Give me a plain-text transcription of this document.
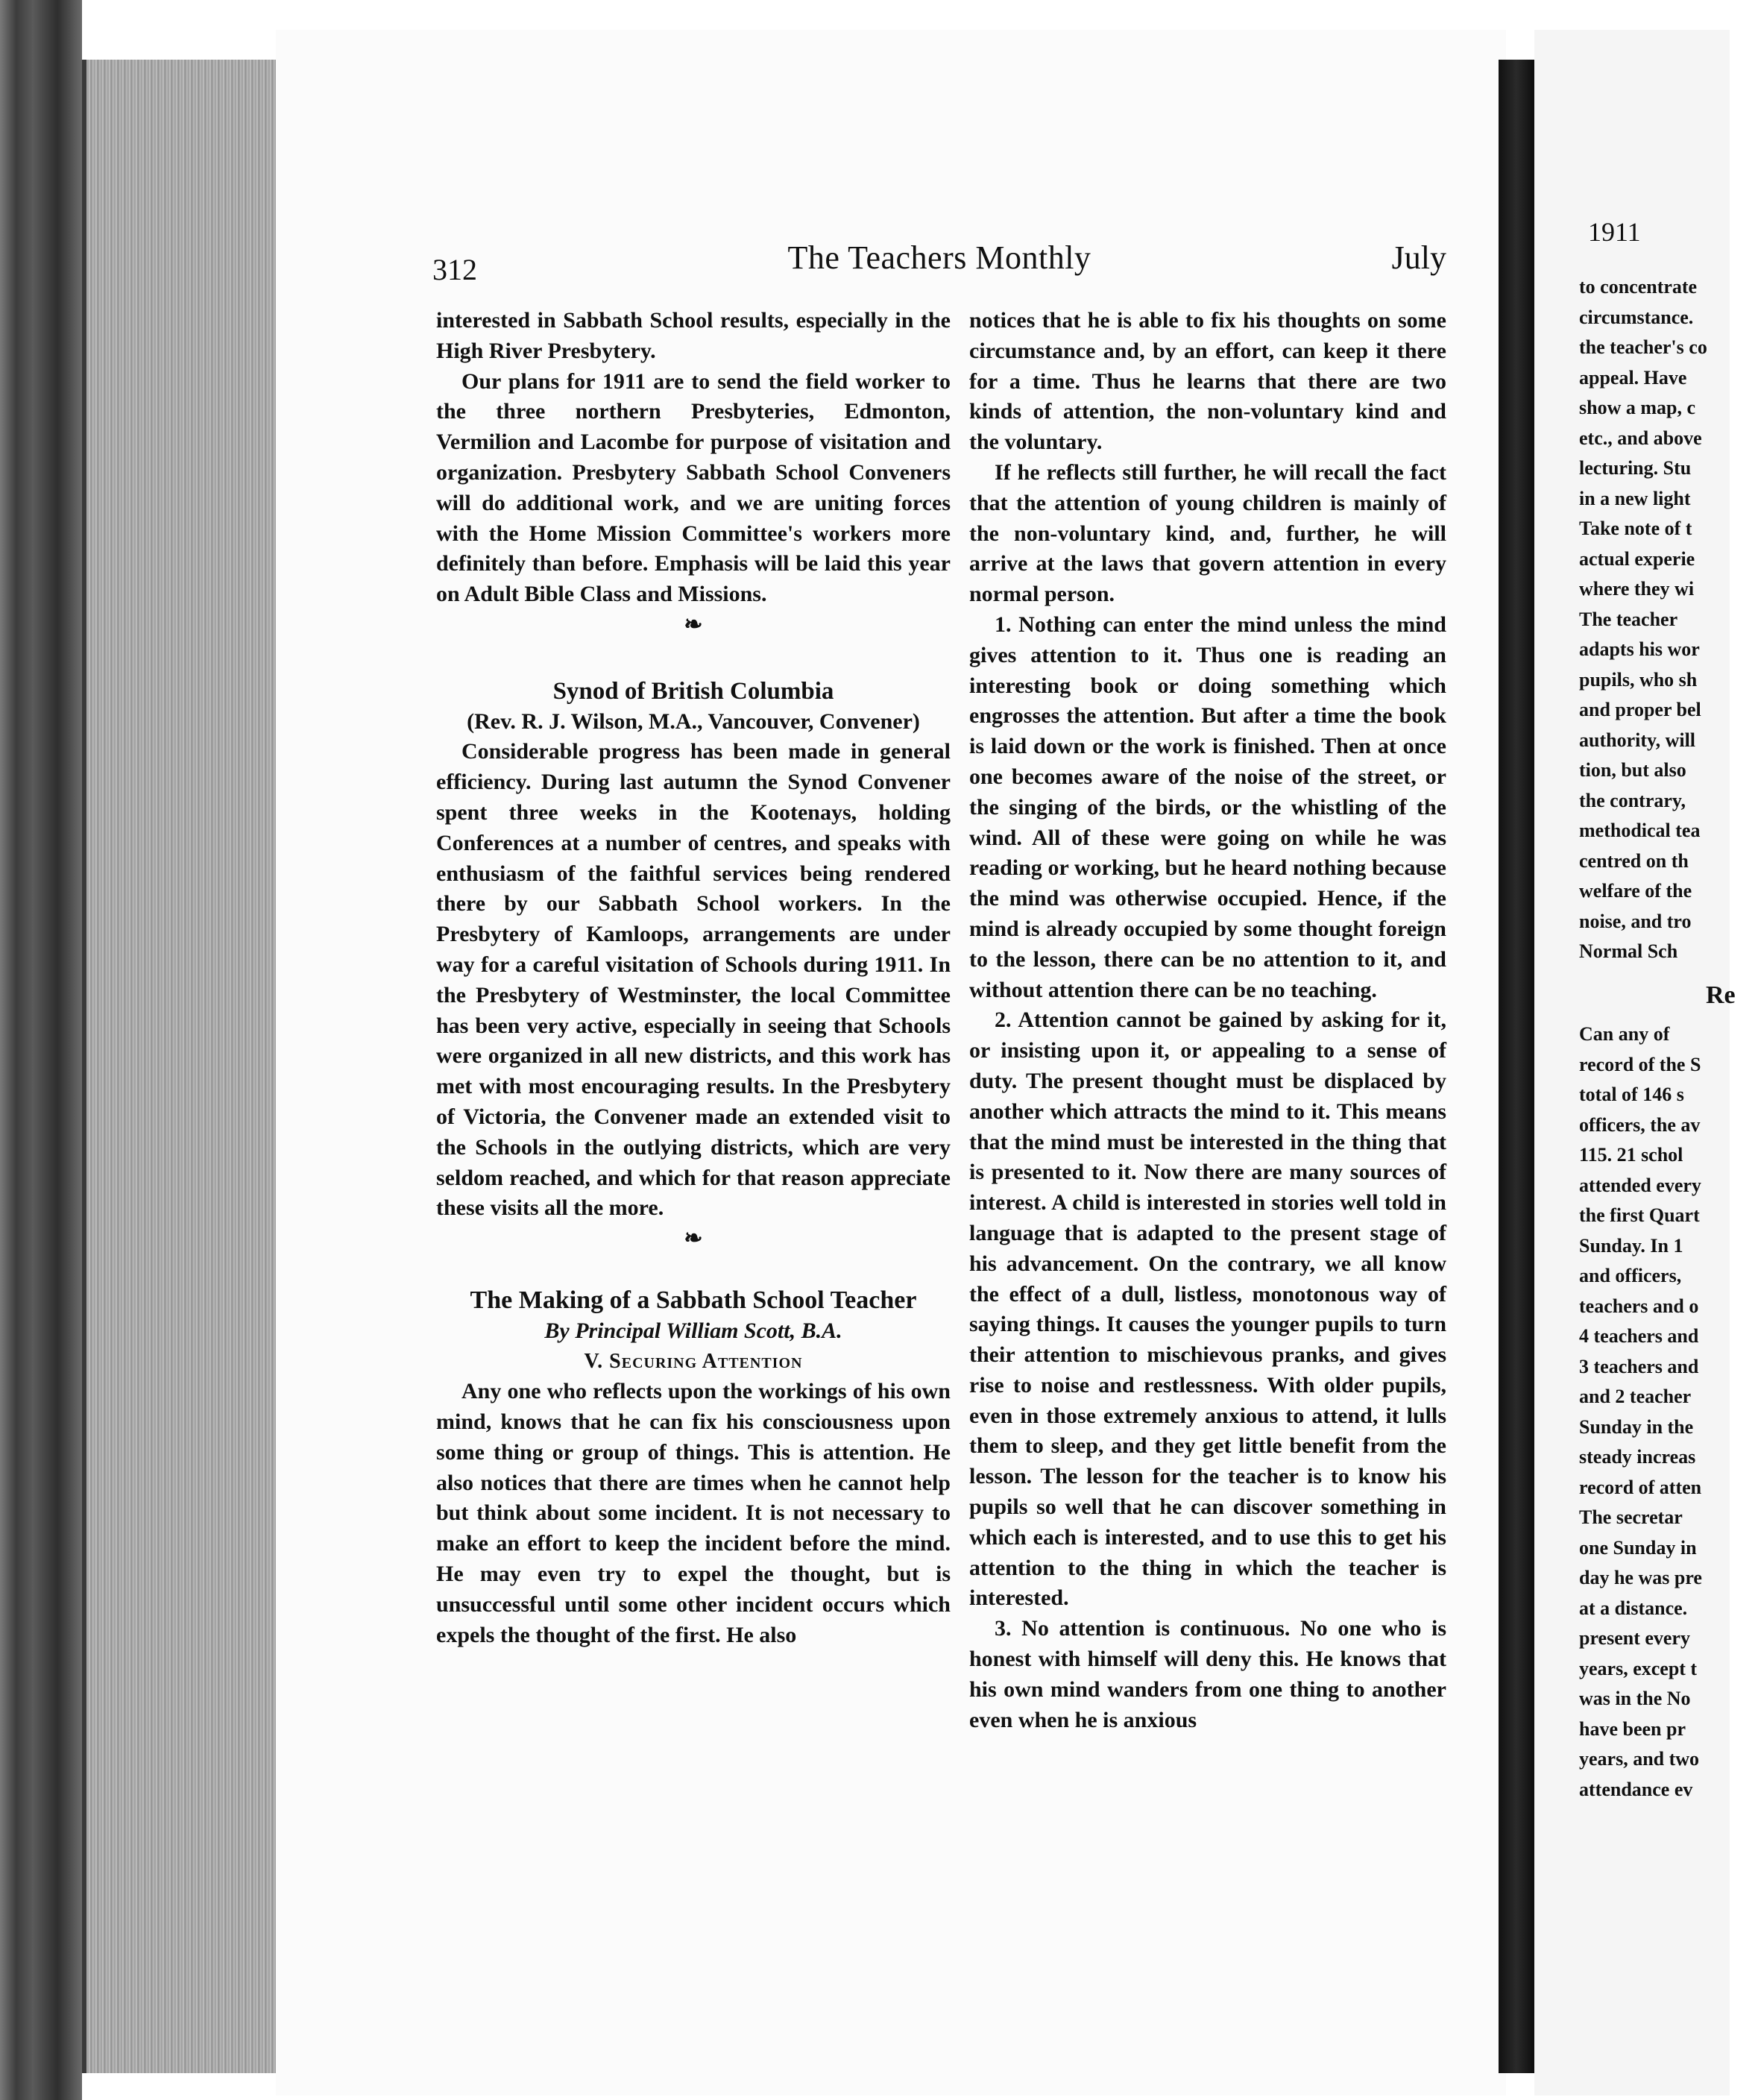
312	The Teachers Monthly	July

interested in Sabbath School results, especially in the High River Presbytery.

Our plans for 1911 are to send the field worker to the three northern Presbyteries, Edmonton, Vermilion and Lacombe for purpose of visitation and organization. Presbytery Sabbath School Conveners will do additional work, and we are uniting forces with the Home Mission Committee's workers more definitely than before. Emphasis will be laid this year on Adult Bible Class and Missions.

❧

Synod of British Columbia

(Rev. R. J. Wilson, M.A., Vancouver, Convener)

Considerable progress has been made in general efficiency. During last autumn the Synod Convener spent three weeks in the Kootenays, holding Conferences at a number of centres, and speaks with enthusiasm of the faithful services being rendered there by our Sabbath School workers. In the Presbytery of Kamloops, arrangements are under way for a careful visitation of Schools during 1911. In the Presbytery of Westminster, the local Committee has been very active, especially in seeing that Schools were organized in all new districts, and this work has met with most encouraging results. In the Presbytery of Victoria, the Convener made an extended visit to the Schools in the outlying districts, which are very seldom reached, and which for that reason appreciate these visits all the more.

❧

The Making of a Sabbath School Teacher

By Principal William Scott, B.A.

V. Securing Attention

Any one who reflects upon the workings of his own mind, knows that he can fix his consciousness upon some thing or group of things. This is attention. He also notices that there are times when he cannot help but think about some incident. It is not necessary to make an effort to keep the incident before the mind. He may even try to expel the thought, but is unsuccessful until some other incident occurs which expels the thought of the first. He also

notices that he is able to fix his thoughts on some circumstance and, by an effort, can keep it there for a time. Thus he learns that there are two kinds of attention, the non-voluntary kind and the voluntary.

If he reflects still further, he will recall the fact that the attention of young children is mainly of the non-voluntary kind, and, further, he will arrive at the laws that govern attention in every normal person.

1. Nothing can enter the mind unless the mind gives attention to it. Thus one is reading an interesting book or doing something which engrosses the attention. But after a time the book is laid down or the work is finished. Then at once one becomes aware of the noise of the street, or the singing of the birds, or the whistling of the wind. All of these were going on while he was reading or working, but he heard nothing because the mind was otherwise occupied. Hence, if the mind is already occupied by some thought foreign to the lesson, there can be no attention to it, and without attention there can be no teaching.

2. Attention cannot be gained by asking for it, or insisting upon it, or appealing to a sense of duty. The present thought must be displaced by another which attracts the mind to it. This means that the mind must be interested in the thing that is presented to it. Now there are many sources of interest. A child is interested in stories well told in language that is adapted to the present stage of his advancement. On the contrary, we all know the effect of a dull, listless, monotonous way of saying things. It causes the younger pupils to turn their attention to mischievous pranks, and gives rise to noise and restlessness. With older pupils, even in those extremely anxious to attend, it lulls them to sleep, and they get little benefit from the lesson. The lesson for the teacher is to know his pupils so well that he can discover something in which each is interested, and to use this to get his attention to the thing in which the teacher is interested.

3. No attention is continuous. No one who is honest with himself will deny this. He knows that his own mind wanders from one thing to another even when he is anxious

1911
to concentrate
circumstance.
the teacher's co
appeal. Have
show a map, c
etc., and above
lecturing. Stu
in a new light
Take note of t
actual experie
where they wi
The teacher
adapts his wor
pupils, who sh
and proper bel
authority, will
tion, but also
the contrary,
methodical tea
centred on th
welfare of the
noise, and tro
Normal Sch
Re
Can any of
record of the S
total of 146 s
officers, the av
115. 21 schol
attended every
the first Quart
Sunday. In 1
and officers,
teachers and o
4 teachers and
3 teachers and
and 2 teacher
Sunday in the
steady increas
record of atten
The secretar
one Sunday in
day he was pre
at a distance.
present every
years, except t
was in the No
have been pr
years, and two
attendance ev
